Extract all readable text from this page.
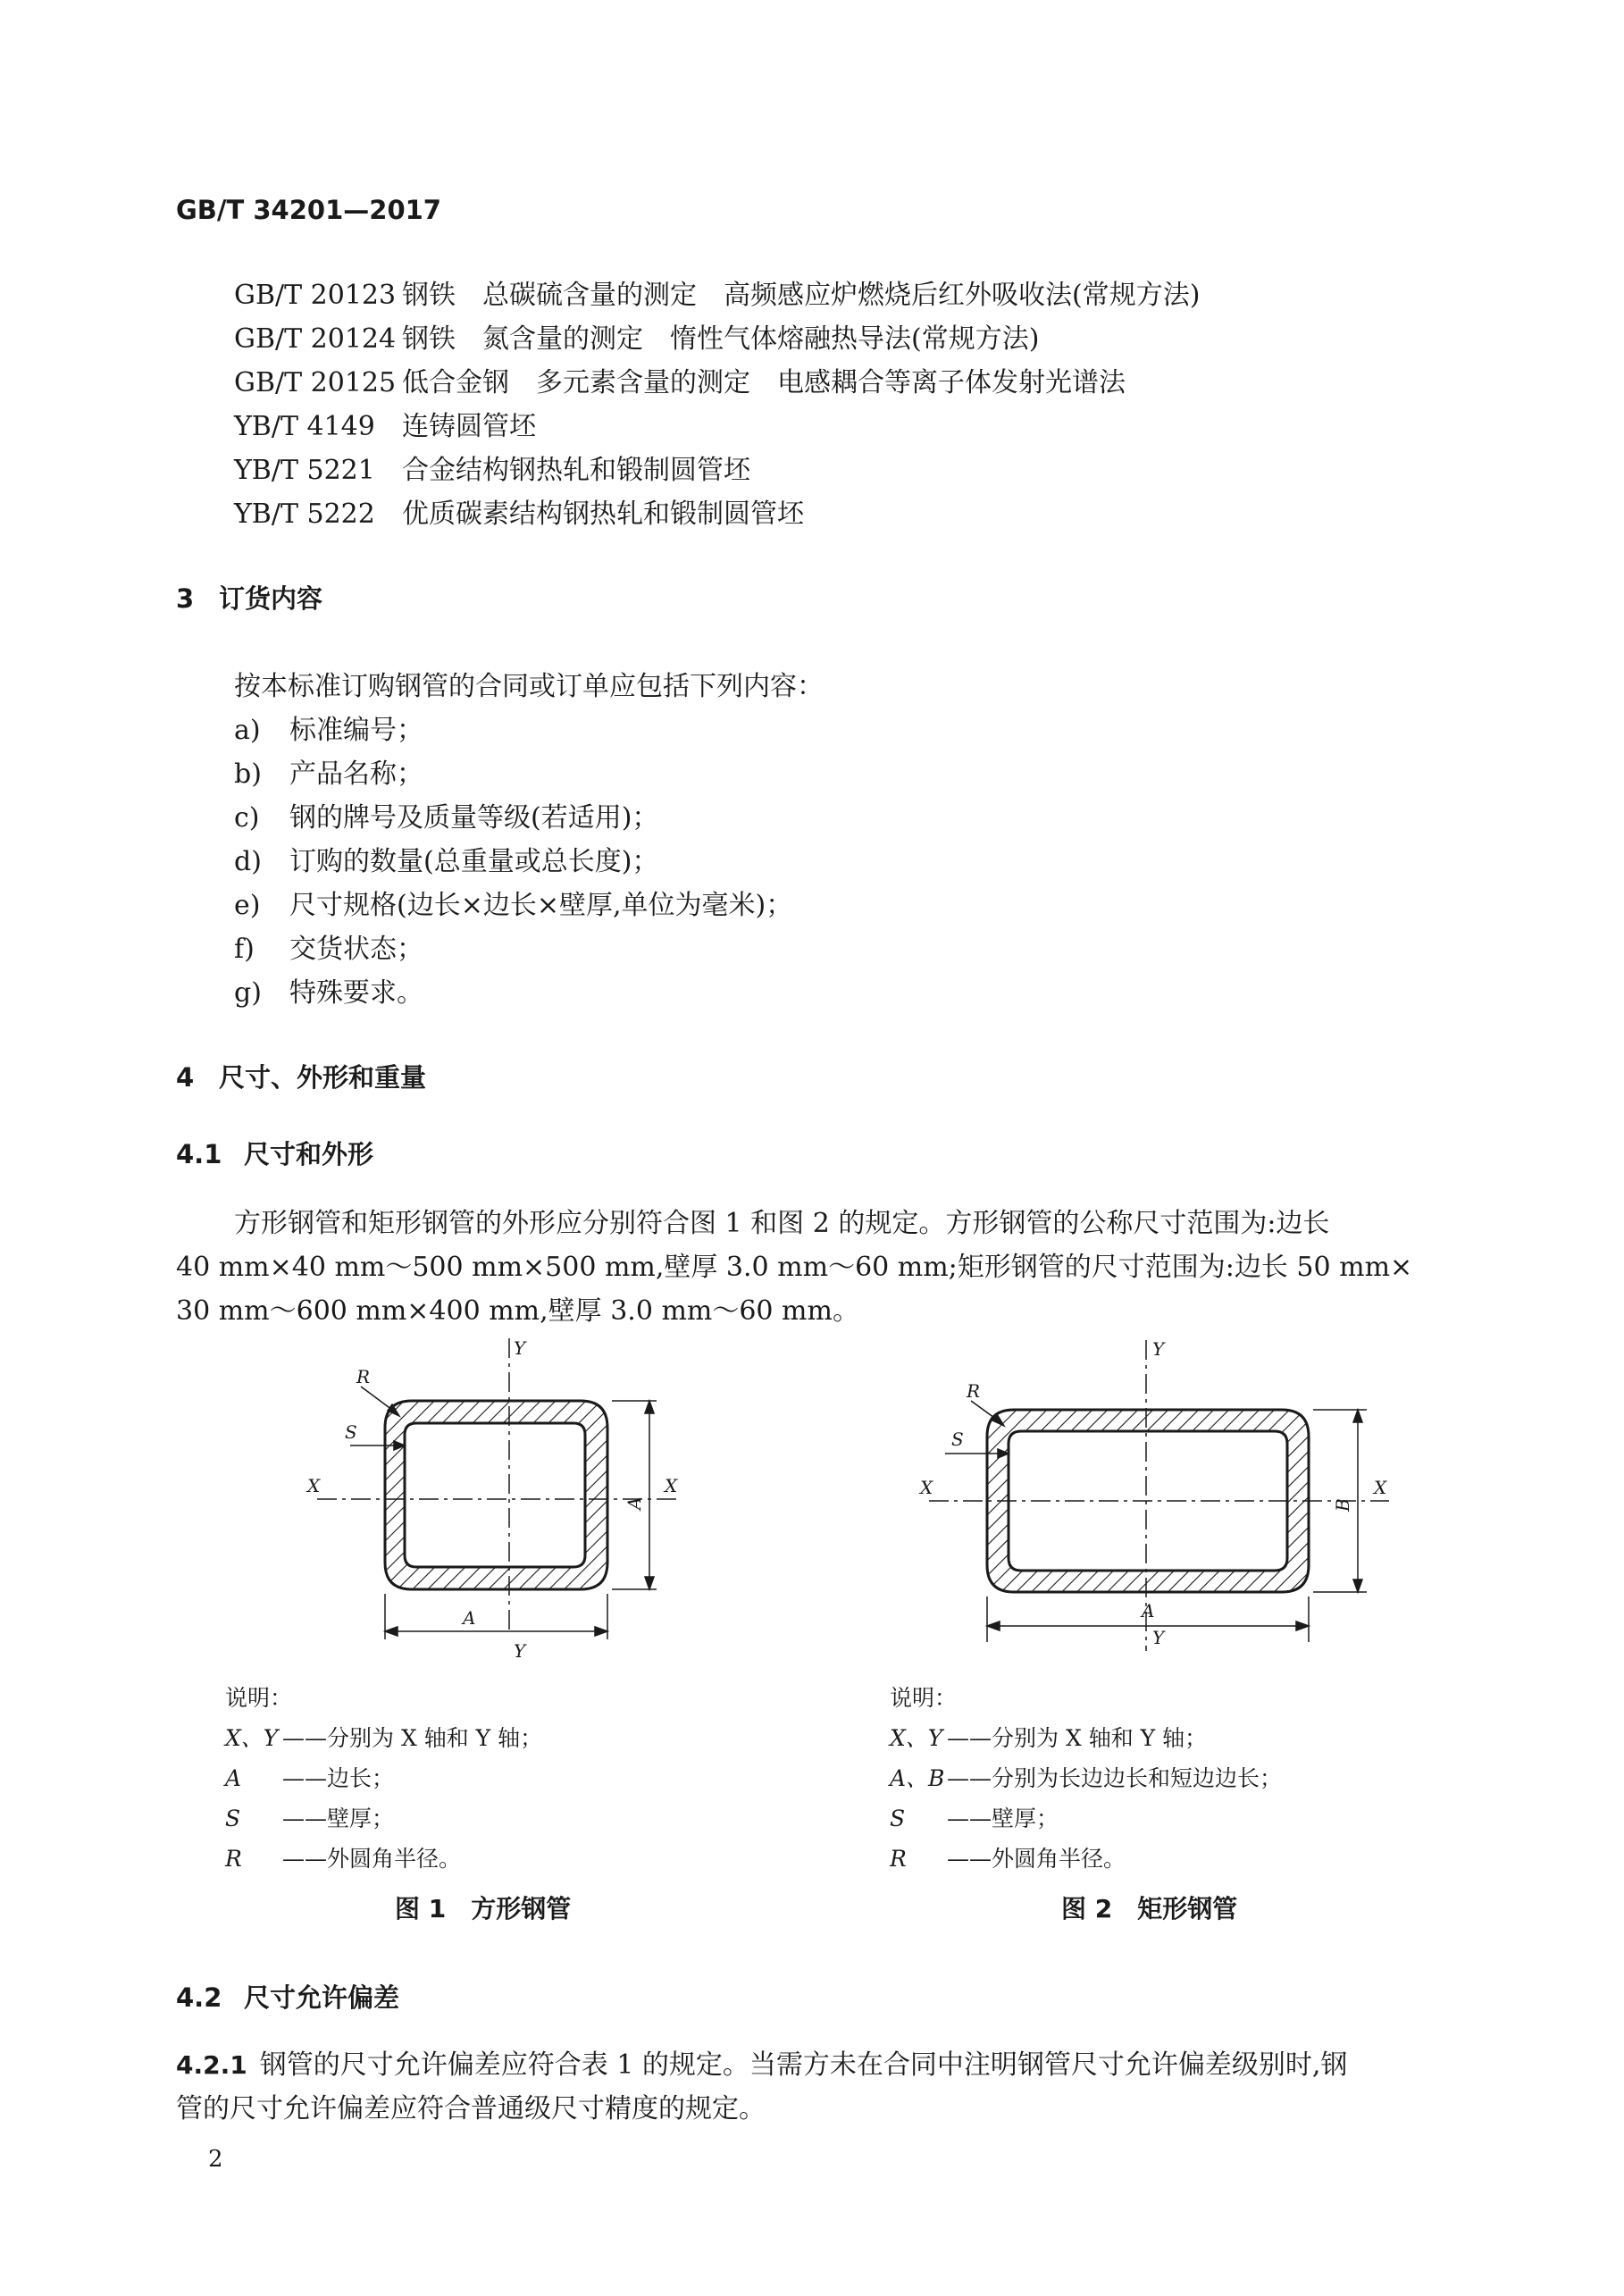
GB/T 34201—2017
GB/T 20123 钢铁　总碳硫含量的测定　高频感应炉燃烧后红外吸收法(常规方法)
GB/T 20124 钢铁　氮含量的测定　惰性气体熔融热导法(常规方法)
GB/T 20125 低合金钢　多元素含量的测定　电感耦合等离子体发射光谱法
YB/T 4149 连铸圆管坯
YB/T 5221 合金结构钢热轧和锻制圆管坯
YB/T 5222 优质碳素结构钢热轧和锻制圆管坯
3 订货内容
按本标准订购钢管的合同或订单应包括下列内容：
a) 标准编号；
b) 产品名称；
c) 钢的牌号及质量等级(若适用)；
d) 订购的数量(总重量或总长度)；
e) 尺寸规格(边长×边长×壁厚,单位为毫米)；
f) 交货状态；
g) 特殊要求。
4 尺寸、外形和重量
4.1 尺寸和外形
方形钢管和矩形钢管的外形应分别符合图 1 和图 2 的规定。方形钢管的公称尺寸范围为:边长
40 mm×40 mm～500 mm×500 mm,壁厚 3.0 mm～60 mm;矩形钢管的尺寸范围为:边长 50 mm×
30 mm～600 mm×400 mm,壁厚 3.0 mm～60 mm。
Y
Y
X	X
R
S
A
A
Y
Y
X	X
R
S
A
B
说明：
X、Y ——分别为 X 轴和 Y 轴；
A ——边长；
S ——壁厚；
R ——外圆角半径。
说明：
X、Y ——分别为 X 轴和 Y 轴；
A、B ——分别为长边边长和短边边长；
S ——壁厚；
R ——外圆角半径。
图 1　方形钢管	图 2　矩形钢管
4.2 尺寸允许偏差
4.2.1 钢管的尺寸允许偏差应符合表 1 的规定。当需方未在合同中注明钢管尺寸允许偏差级别时,钢
管的尺寸允许偏差应符合普通级尺寸精度的规定。
2
